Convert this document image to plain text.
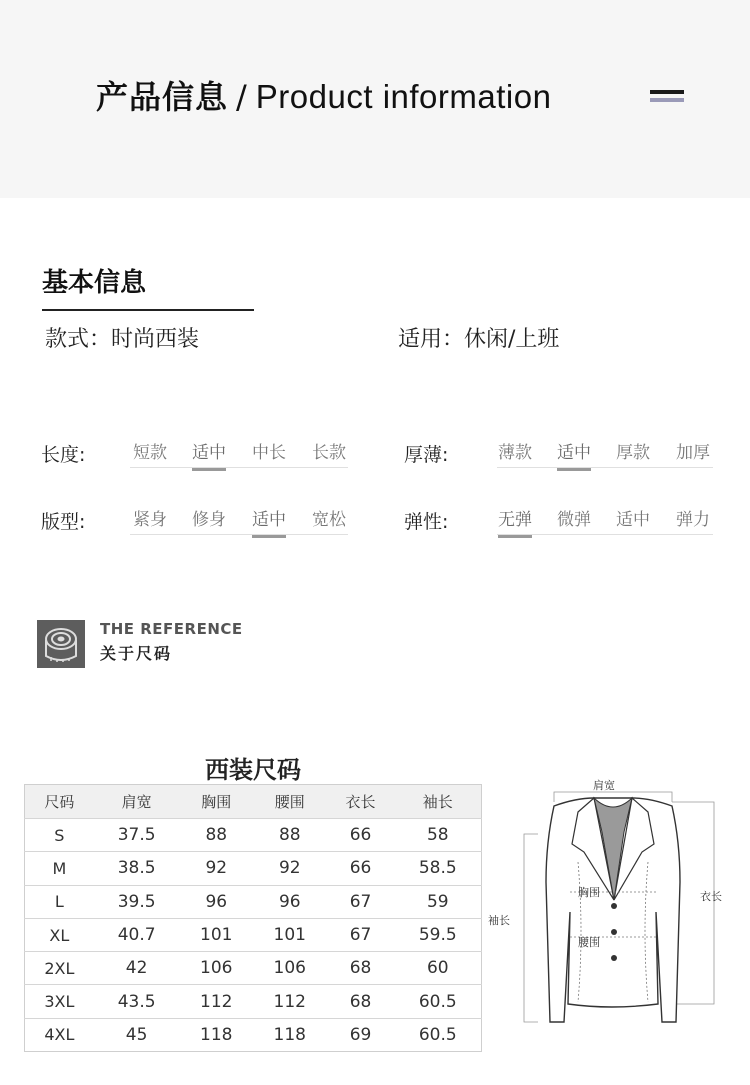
产品信息 / Product information
基本信息
款式：时尚西装	适用：休闲/上班
长度:	短款 适中 中长 长款	厚薄:	薄款 适中 厚款 加厚
版型:	紧身 修身 适中 宽松	弹性:	无弹 微弹 适中 弹力
THE REFERENCE
关于尺码
西装尺码
尺码	肩宽	胸围	腰围	衣长	袖长
S	37.5	88	88	66	58
M	38.5	92	92	66	58.5
L	39.5	96	96	67	59
XL	40.7	101	101	67	59.5
2XL	42	106	106	68	60
3XL	43.5	112	112	68	60.5
4XL	45	118	118	69	60.5
肩宽
胸围
腰围
衣长
袖长
